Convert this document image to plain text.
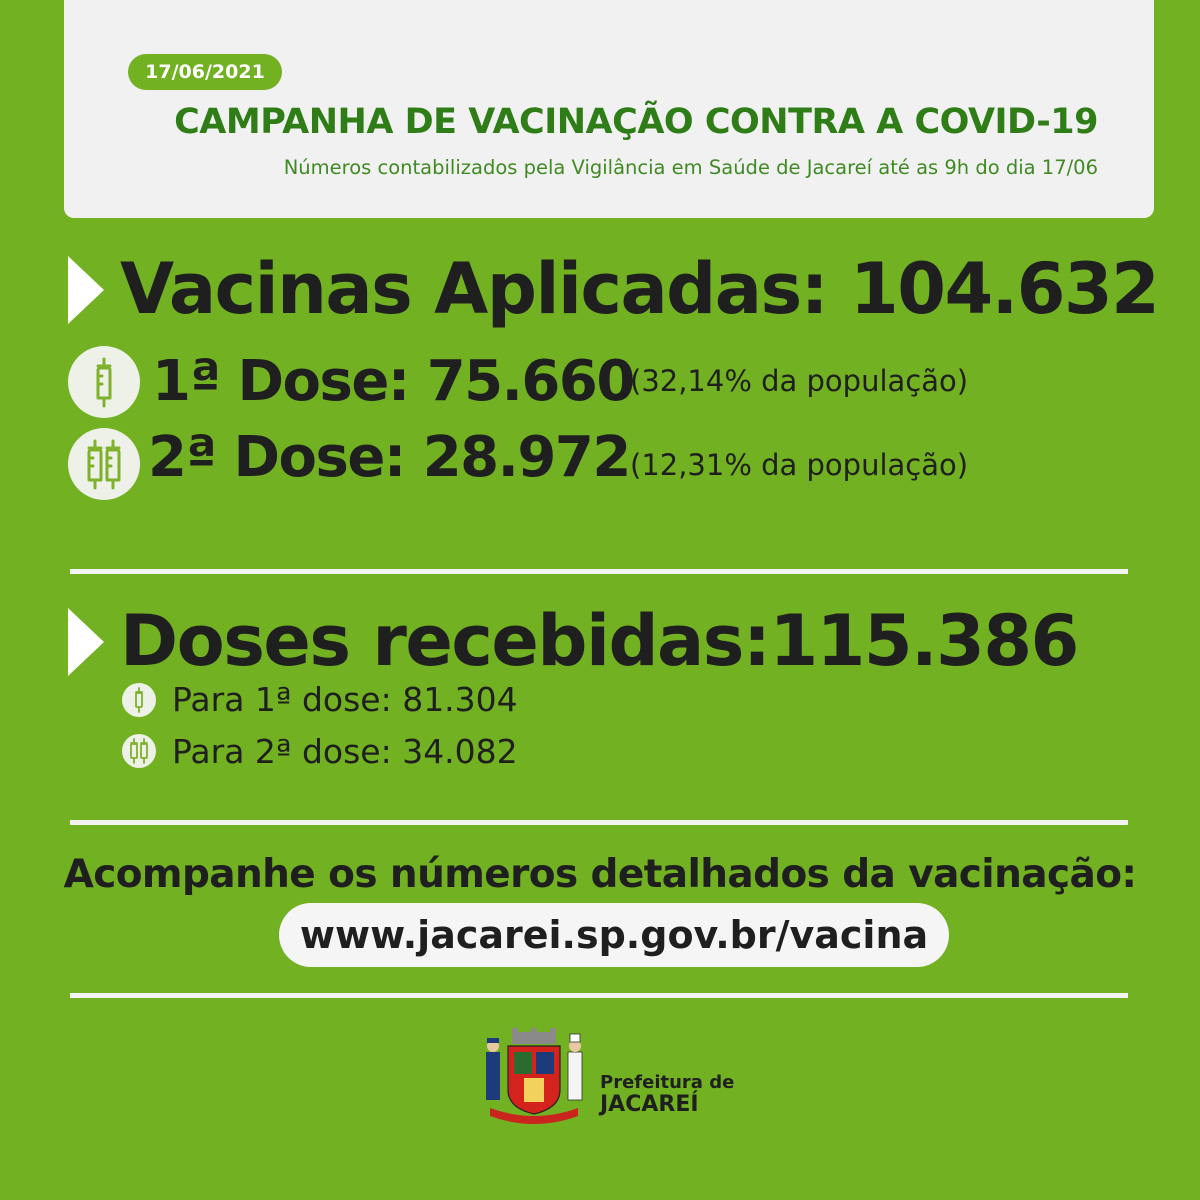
17/06/2021
CAMPANHA DE VACINAÇÃO CONTRA A COVID-19
Números contabilizados pela Vigilância em Saúde de Jacareí até as 9h do dia 17/06
Vacinas Aplicadas: 104.632
1ª Dose: 75.660
(32,14% da população)
2ª Dose: 28.972 (12,31% da população)
Doses recebidas:115.386
Para 1ª dose: 81.304
Para 2ª dose: 34.082
Acompanhe os números detalhados da vacinação:
www.jacarei.sp.gov.br/vacina
Prefeitura de
JACAREÍ
